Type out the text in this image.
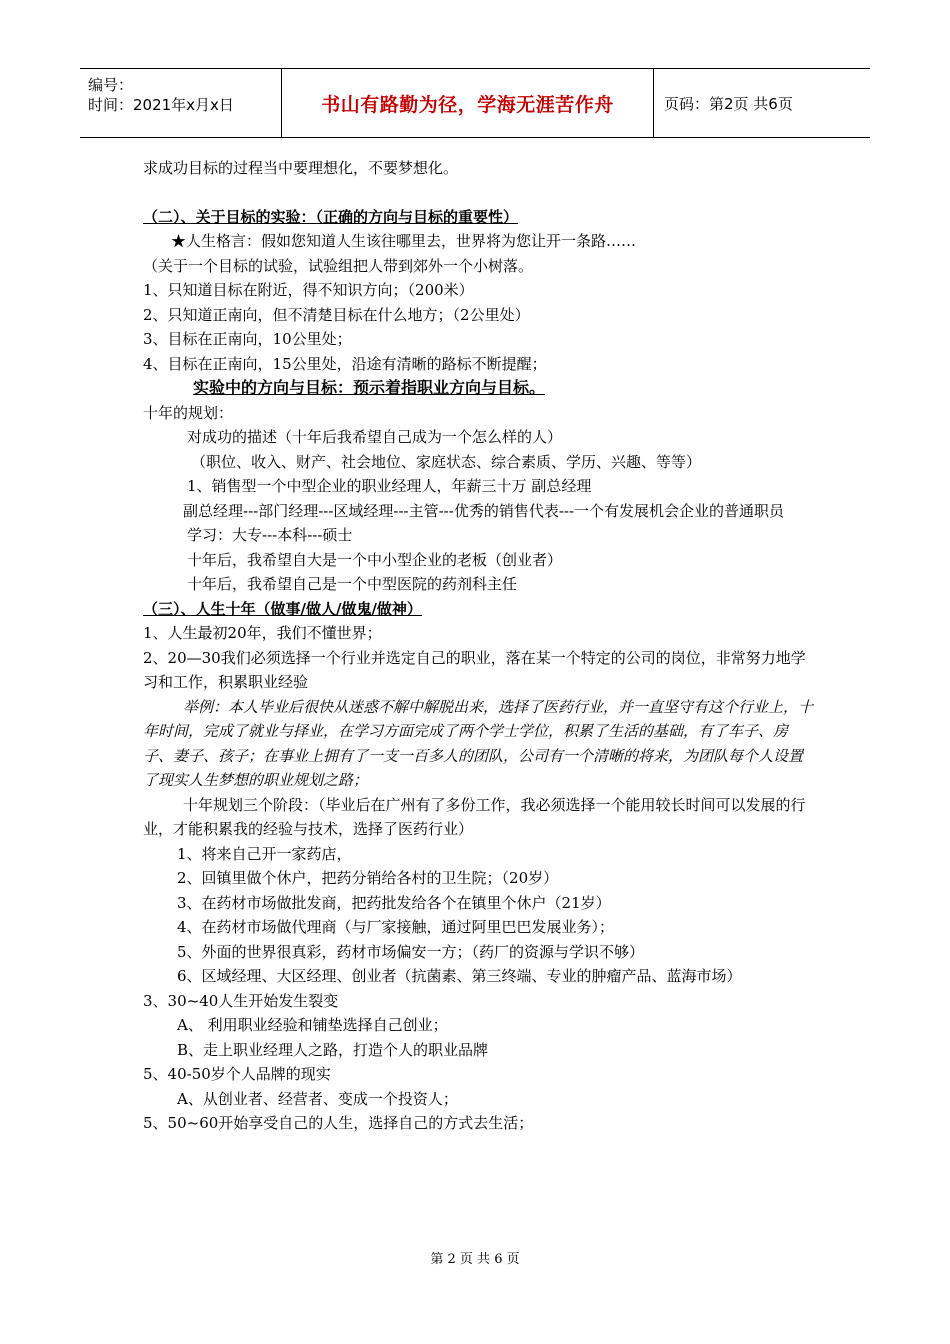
编号：
时间：2021年x月x日	书山有路勤为径，学海无涯苦作舟	页码：第2页 共6页

求成功目标的过程当中要理想化，不要梦想化。

（二）、关于目标的实验：（正确的方向与目标的重要性）

★人生格言：假如您知道人生该往哪里去，世界将为您让开一条路……

（关于一个目标的试验，试验组把人带到郊外一个小树落。

1、只知道目标在附近，得不知识方向；（200米）

2、只知道正南向，但不清楚目标在什么地方；（2公里处）

3、目标在正南向，10公里处；

4、目标在正南向，15公里处，沿途有清晰的路标不断提醒；

实验中的方向与目标：预示着指职业方向与目标。

十年的规划：

对成功的描述（十年后我希望自己成为一个怎么样的人）

（职位、收入、财产、社会地位、家庭状态、综合素质、学历、兴趣、等等）

1、销售型一个中型企业的职业经理人，年薪三十万 副总经理

副总经理---部门经理---区域经理---主管---优秀的销售代表---一个有发展机会企业的普通职员

学习：大专---本科---硕士

十年后，我希望自大是一个中小型企业的老板（创业者）

十年后，我希望自己是一个中型医院的药剂科主任

（三）、人生十年（做事/做人/做鬼/做神）

1、人生最初20年，我们不懂世界；

2、20—30我们必须选择一个行业并选定自己的职业，落在某一个特定的公司的岗位，非常努力地学习和工作，积累职业经验

举例：本人毕业后很快从迷惑不解中解脱出来，选择了医药行业，并一直坚守有这个行业上，十年时间，完成了就业与择业，在学习方面完成了两个学士学位，积累了生活的基础，有了车子、房子、妻子、孩子；在事业上拥有了一支一百多人的团队，公司有一个清晰的将来，为团队每个人设置了现实人生梦想的职业规划之路；

十年规划三个阶段：（毕业后在广州有了多份工作，我必须选择一个能用较长时间可以发展的行业，才能积累我的经验与技术，选择了医药行业）

1、将来自己开一家药店，

2、回镇里做个休户，把药分销给各村的卫生院；（20岁）

3、在药材市场做批发商，把药批发给各个在镇里个休户（21岁）

4、在药材市场做代理商（与厂家接触，通过阿里巴巴发展业务）；

5、外面的世界很真彩，药材市场偏安一方；（药厂的资源与学识不够）

6、区域经理、大区经理、创业者（抗菌素、第三终端、专业的肿瘤产品、蓝海市场）

3、30~40人生开始发生裂变

A、 利用职业经验和铺垫选择自己创业；

B、走上职业经理人之路，打造个人的职业品牌

5、40-50岁个人品牌的现实

A、从创业者、经营者、变成一个投资人；

5、50~60开始享受自己的人生，选择自己的方式去生活；

第 2 页 共 6 页
